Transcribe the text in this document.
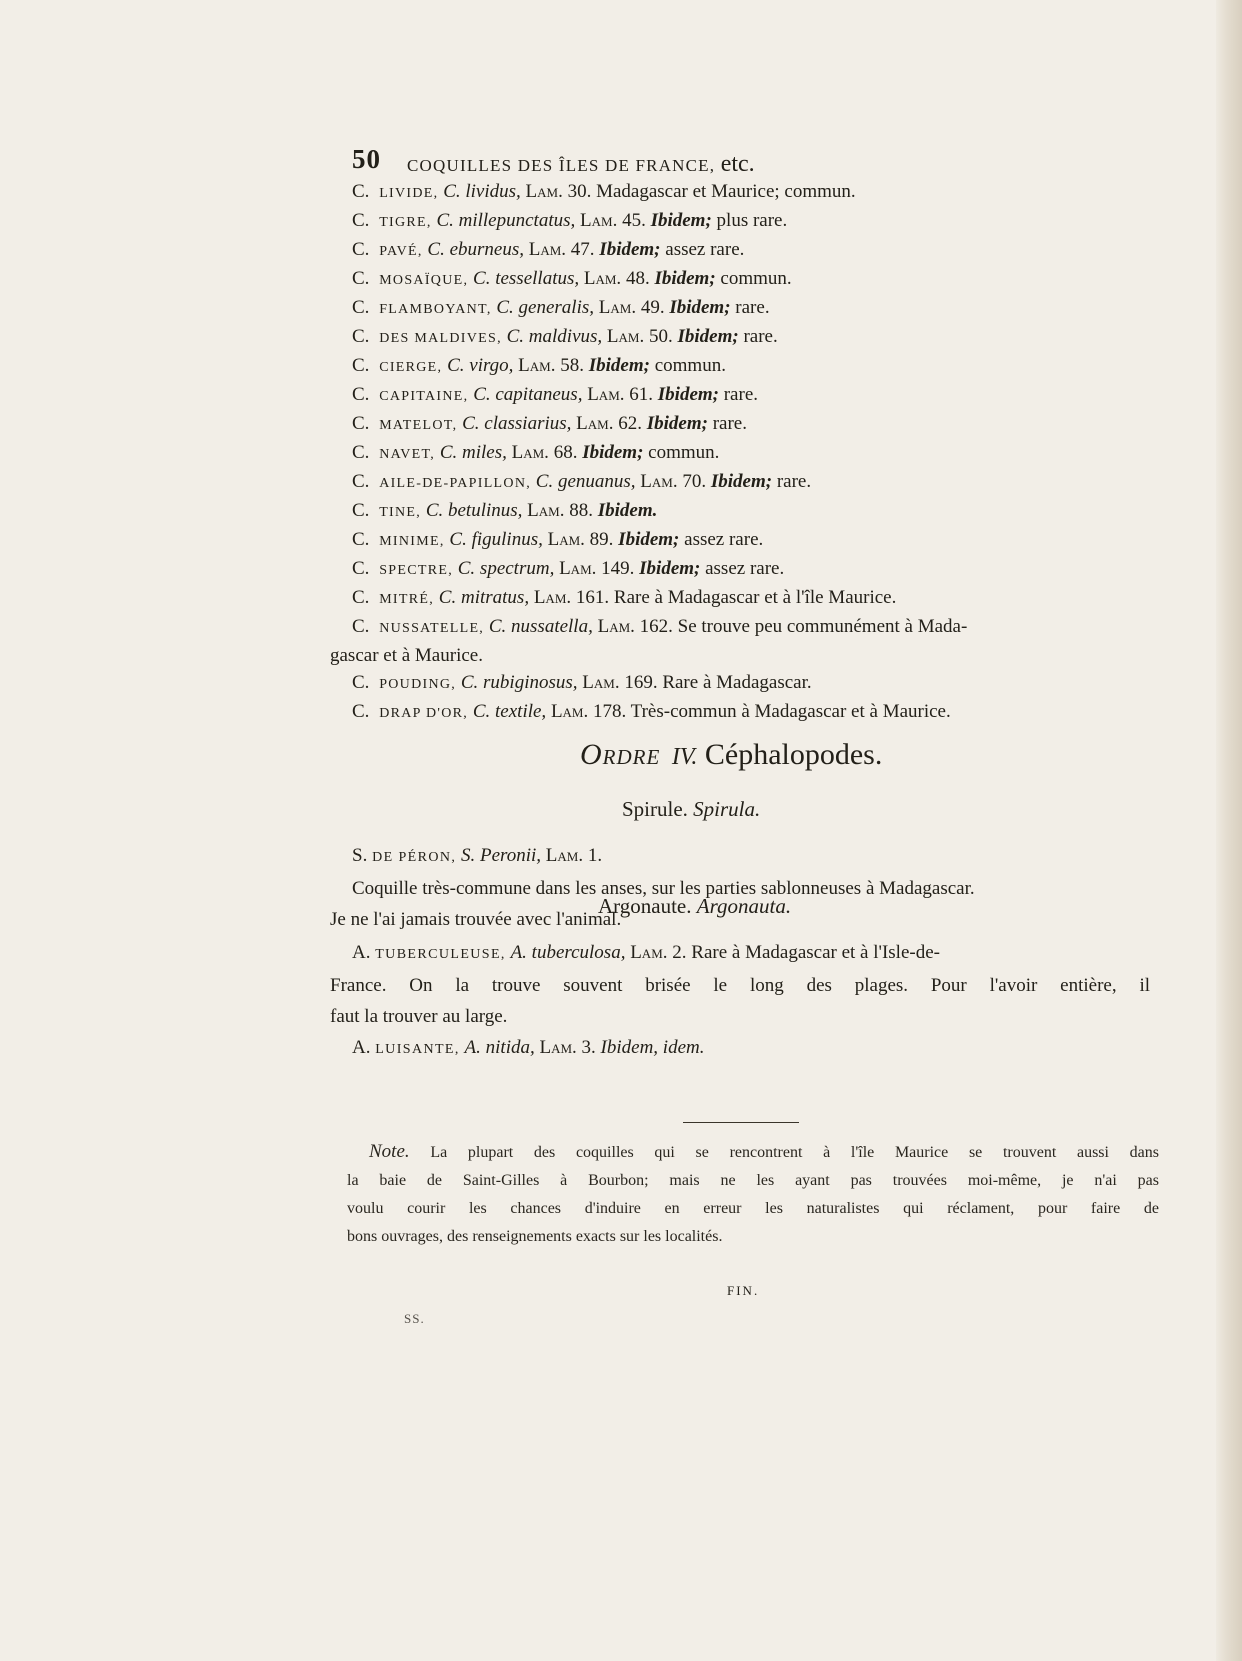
50 COQUILLES DES ÎLES DE FRANCE, etc.
C. LIVIDE, C. lividus, Lam. 30. Madagascar et Maurice; commun.
C. TIGRE, C. millepunctatus, Lam. 45. Ibidem; plus rare.
C. PAVÉ, C. eburneus, Lam. 47. Ibidem; assez rare.
C. MOSAÏQUE, C. tessellatus, Lam. 48. Ibidem; commun.
C. FLAMBOYANT, C. generalis, Lam. 49. Ibidem; rare.
C. DES MALDIVES, C. maldivus, Lam. 50. Ibidem; rare.
C. CIERGE, C. virgo, Lam. 58. Ibidem; commun.
C. CAPITAINE, C. capitaneus, Lam. 61. Ibidem; rare.
C. MATELOT, C. classiarius, Lam. 62. Ibidem; rare.
C. NAVET, C. miles, Lam. 68. Ibidem; commun.
C. AILE-DE-PAPILLON, C. genuanus, Lam. 70. Ibidem; rare.
C. TINE, C. betulinus, Lam. 88. Ibidem.
C. MINIME, C. figulinus, Lam. 89. Ibidem; assez rare.
C. SPECTRE, C. spectrum, Lam. 149. Ibidem; assez rare.
C. MITRÉ, C. mitratus, Lam. 161. Rare à Madagascar et à l'île Maurice.
C. NUSSATELLE, C. nussatella, Lam. 162. Se trouve peu communément à Mada-
gascar et à Maurice.
C. POUDING, C. rubiginosus, Lam. 169. Rare à Madagascar.
C. DRAP D'OR, C. textile, Lam. 178. Très-commun à Madagascar et à Maurice.
Ordre IV. Céphalopodes.
Spirule. Spirula.
S. DE PÉRON, S. Peronii, Lam. 1.
Coquille très-commune dans les anses, sur les parties sablonneuses à Madagascar.
Je ne l'ai jamais trouvée avec l'animal.
Argonaute. Argonauta.
A. TUBERCULEUSE, A. tuberculosa, Lam. 2. Rare à Madagascar et à l'Isle-de-
France. On la trouve souvent brisée le long des plages. Pour l'avoir entière, il
faut la trouver au large.
A. LUISANTE, A. nitida, Lam. 3. Ibidem, idem.
Note. La plupart des coquilles qui se rencontrent à l'île Maurice se trouvent aussi dans
la baie de Saint-Gilles à Bourbon; mais ne les ayant pas trouvées moi-même, je n'ai pas
voulu courir les chances d'induire en erreur les naturalistes qui réclament, pour faire de
bons ouvrages, des renseignements exacts sur les localités.
FIN.
SS.
